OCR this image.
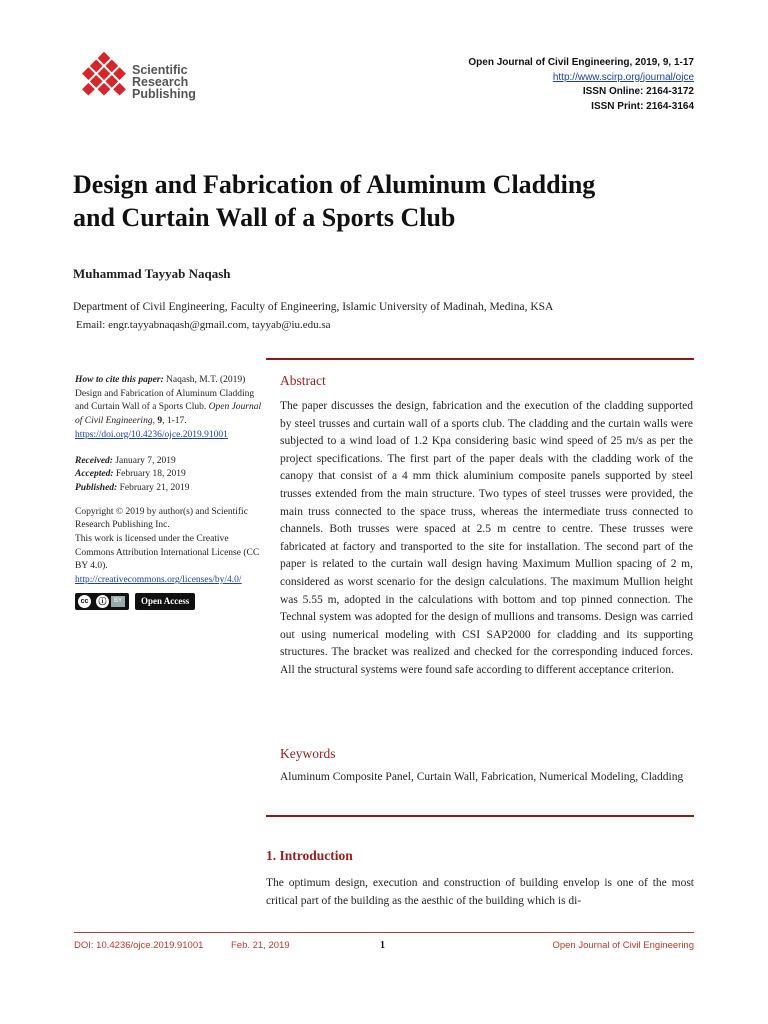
Scientific
Research
Publishing
Open Journal of Civil Engineering, 2019, 9, 1-17
http://www.scirp.org/journal/ojce
ISSN Online: 2164-3172
ISSN Print: 2164-3164
Design and Fabrication of Aluminum Cladding
and Curtain Wall of a Sports Club
Muhammad Tayyab Naqash
Department of Civil Engineering, Faculty of Engineering, Islamic University of Madinah, Medina, KSA
Email: engr.tayyabnaqash@gmail.com, tayyab@iu.edu.sa

How to cite this paper: Naqash, M.T. (2019) Design and Fabrication of Aluminum Cladding and Curtain Wall of a Sports Club. Open Journal of Civil Engineering, 9, 1-17.

https://doi.org/10.4236/ojce.2019.91001

Received: January 7, 2019

Accepted: February 18, 2019

Published: February 21, 2019

Copyright © 2019 by author(s) and Scientific Research Publishing Inc.

This work is licensed under the Creative Commons Attribution International License (CC BY 4.0).

http://creativecommons.org/licenses/by/4.0/

cc	ⓘ	BY	Open Access
Abstract

The paper discusses the design, fabrication and the execution of the cladding supported by steel trusses and curtain wall of a sports club. The cladding and the curtain walls were subjected to a wind load of 1.2 Kpa considering basic wind speed of 25 m/s as per the project specifications. The first part of the paper deals with the cladding work of the canopy that consist of a 4 mm thick aluminium composite panels supported by steel trusses extended from the main structure. Two types of steel trusses were provided, the main truss connected to the space truss, whereas the intermediate truss connected to channels. Both trusses were spaced at 2.5 m centre to centre. These trusses were fabricated at factory and transported to the site for installation. The second part of the paper is related to the curtain wall design having Maximum Mullion spacing of 2 m, considered as worst scenario for the design calculations. The maximum Mullion height was 5.55 m, adopted in the calculations with bottom and top pinned connection. The Technal system was adopted for the design of mullions and transoms. Design was carried out using numerical modeling with CSI SAP2000 for cladding and its supporting structures. The bracket was realized and checked for the corresponding induced forces. All the structural systems were found safe according to different acceptance criterion.

Keywords

Aluminum Composite Panel, Curtain Wall, Fabrication, Numerical Modeling, Cladding

1. Introduction

The optimum design, execution and construction of building envelop is one of the most critical part of the building as the aesthic of the building which is di-

DOI: 10.4236/ojce.2019.91001	Feb. 21, 2019	1	Open Journal of Civil Engineering
